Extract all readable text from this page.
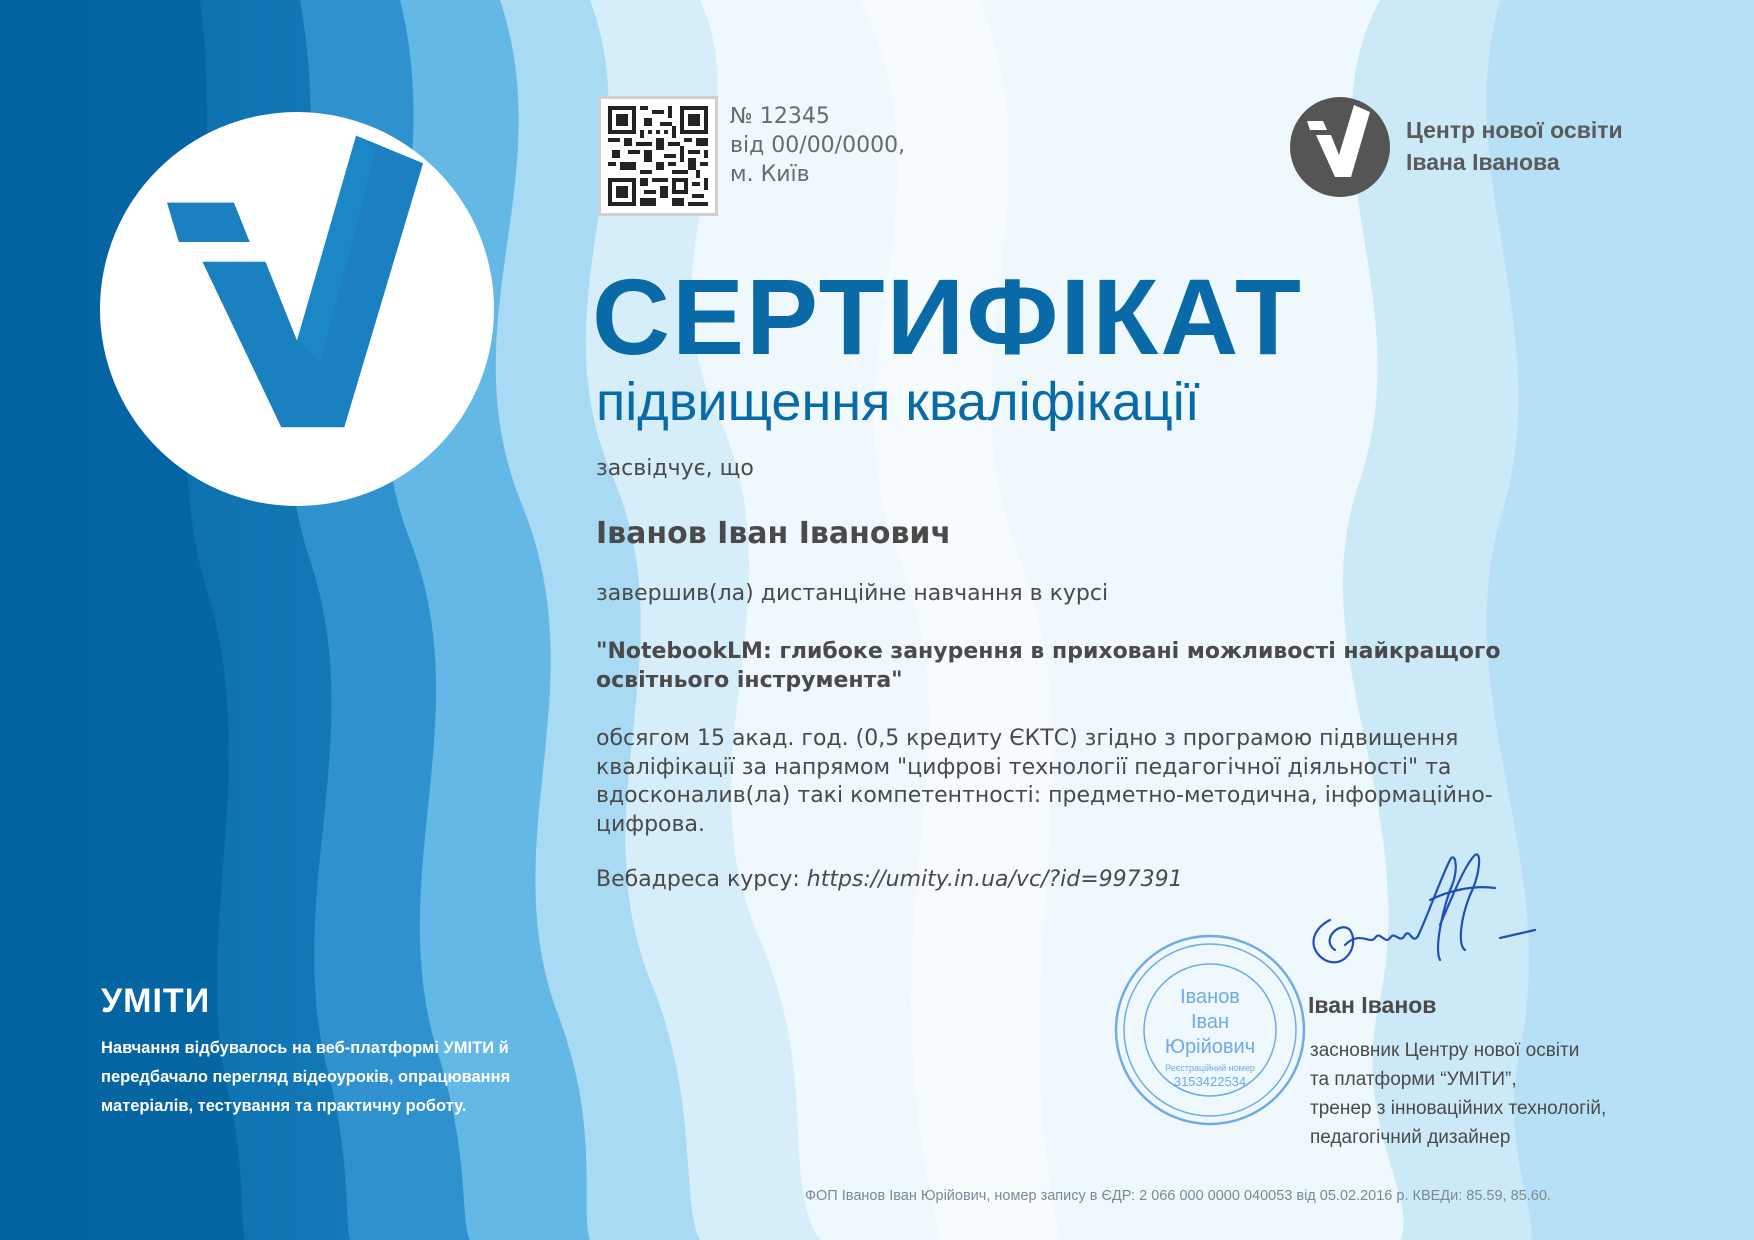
УМІТИ
Навчання відбувалось на веб-платформі УМІТИ й передбачало перегляд відеоуроків, опрацювання матеріалів, тестування та практичну роботу.
№ 12345
від 00/00/0000,
м. Київ
Центр нової освіти
Івана Іванова
СЕРТИФІКАТ
підвищення кваліфікації
засвідчує, що
Іванов Іван Іванович
завершив(ла) дистанційне навчання в курсі
"NotebookLM: глибоке занурення в приховані можливості найкращого освітнього інструмента"
обсягом 15 акад. год. (0,5 кредиту ЄКТС) згідно з програмою підвищення кваліфікації за напрямом "цифрові технології педагогічної діяльності" та вдосконалив(ла) такі компетентності: предметно-методична, інформаційно-цифрова.
Вебадреса курсу: https://umity.in.ua/vc/?id=997391
Іванов
Іван
Юрійович
Реєстраційний номер
3153422534
Іван Іванов
засновник Центру нової освіти
та платформи “УМІТИ”,
тренер з інноваційних технологій,
педагогічний дизайнер
ФОП Іванов Іван Юрійович, номер запису в ЄДР: 2 066 000 0000 040053 від 05.02.2016 р. КВЕДи: 85.59, 85.60.
